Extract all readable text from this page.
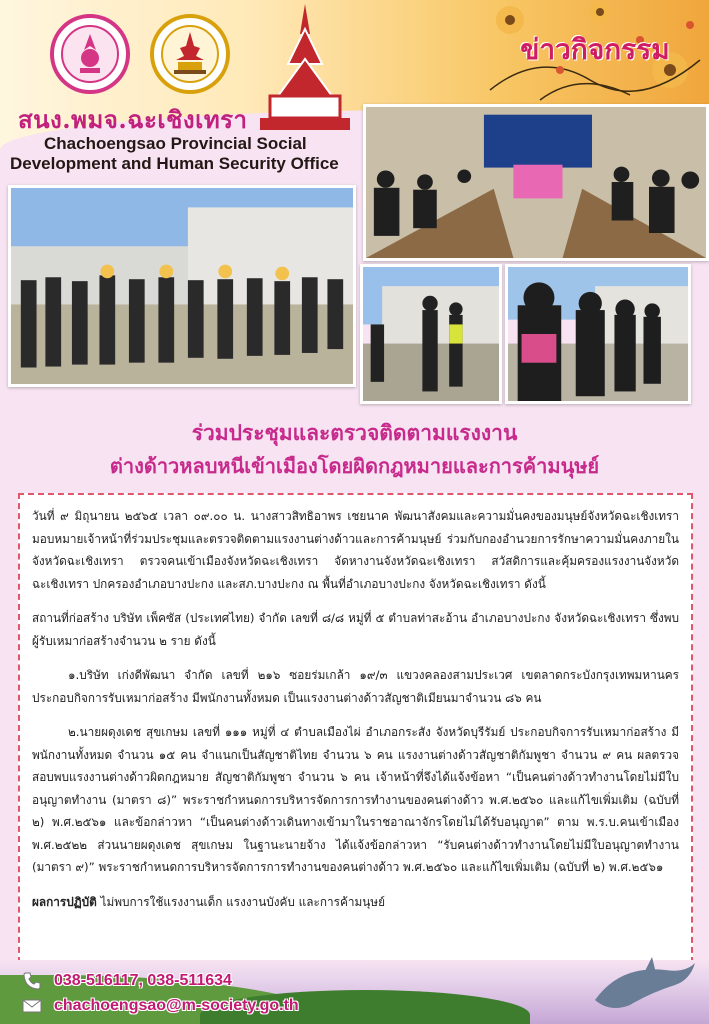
สนง.พมจ.ฉะเชิงเทรา
Chachoengsao Provincial Social
Development and Human Security Office
ข่าวกิจกรรม
ร่วมประชุมและตรวจติดตามแรงงาน
ต่างด้าวหลบหนีเข้าเมืองโดยผิดกฎหมายและการค้ามนุษย์

วันที่ ๙ มิถุนายน ๒๕๖๕ เวลา ๐๙.๐๐ น. นางสาวสิทธิอาพร เชยนาค พัฒนาสังคมและความมั่นคงของมนุษย์จังหวัดฉะเชิงเทรา มอบหมายเจ้าหน้าที่ร่วมประชุมและตรวจติดตามแรงงานต่างด้าวและการค้ามนุษย์ ร่วมกับกองอำนวยการรักษาความมั่นคงภายในจังหวัดฉะเชิงเทรา ตรวจคนเข้าเมืองจังหวัดฉะเชิงเทรา จัดหางานจังหวัดฉะเชิงเทรา สวัสดิการและคุ้มครองแรงงานจังหวัดฉะเชิงเทรา ปกครองอำเภอบางปะกง และสภ.บางปะกง ณ พื้นที่อำเภอบางปะกง จังหวัดฉะเชิงเทรา ดังนี้

สถานที่ก่อสร้าง บริษัท เพ็คซัส (ประเทศไทย) จำกัด เลขที่ ๘/๘ หมู่ที่ ๕ ตำบลท่าสะอ้าน อำเภอบางปะกง จังหวัดฉะเชิงเทรา ซึ่งพบผู้รับเหมาก่อสร้างจำนวน ๒ ราย ดังนี้

๑.บริษัท เก่งดีพัฒนา จำกัด เลขที่ ๒๑๖ ซอยร่มเกล้า ๑๙/๓ แขวงคลองสามประเวศ เขตลาดกระบังกรุงเทพมหานคร ประกอบกิจการรับเหมาก่อสร้าง มีพนักงานทั้งหมด เป็นแรงงานต่างด้าวสัญชาติเมียนมาจำนวน ๘๖ คน

๒.นายผดุงเดช สุขเกษม เลขที่ ๑๑๑ หมู่ที่ ๔ ตำบลเมืองไผ่ อำเภอกระสัง จังหวัดบุรีรัมย์ ประกอบกิจการรับเหมาก่อสร้าง มีพนักงานทั้งหมด จำนวน ๑๕ คน จำแนกเป็นสัญชาติไทย จำนวน ๖ คน แรงงานต่างด้าวสัญชาติกัมพูชา จำนวน ๙ คน ผลตรวจสอบพบแรงงานต่างด้าวผิดกฎหมาย สัญชาติกัมพูชา จำนวน ๖ คน เจ้าหน้าที่จึงได้แจ้งข้อหา “เป็นคนต่างด้าวทำงานโดยไม่มีใบอนุญาตทำงาน (มาตรา ๘)” พระราชกำหนดการบริหารจัดการการทำงานของคนต่างด้าว พ.ศ.๒๕๖๐ และแก้ไขเพิ่มเติม (ฉบับที่ ๒) พ.ศ.๒๕๖๑ และข้อกล่าวหา “เป็นคนต่างด้าวเดินทางเข้ามาในราชอาณาจักรโดยไม่ได้รับอนุญาต” ตาม พ.ร.บ.คนเข้าเมือง พ.ศ.๒๕๒๒ ส่วนนายผดุงเดช สุขเกษม ในฐานะนายจ้าง ได้แจ้งข้อกล่าวหา “รับคนต่างด้าวทำงานโดยไม่มีใบอนุญาตทำงาน (มาตรา ๙)” พระราชกำหนดการบริหารจัดการการทำงานของคนต่างด้าว พ.ศ.๒๕๖๐ และแก้ไขเพิ่มเติม (ฉบับที่ ๒) พ.ศ.๒๕๖๑

ผลการปฏิบัติ ไม่พบการใช้แรงงานเด็ก แรงงานบังคับ และการค้ามนุษย์

038-516117, 038-511634
chachoengsao@m-society.go.th
